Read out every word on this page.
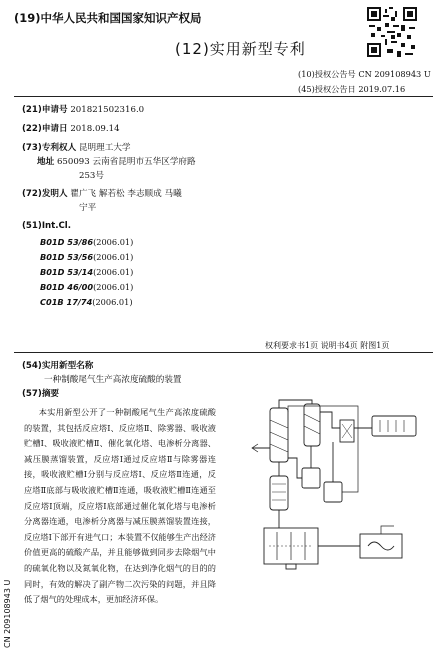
(19)中华人民共和国国家知识产权局
(12)实用新型专利
(10)授权公告号 CN 209108943 U
(45)授权公告日 2019.07.16
(21)申请号 201821502316.0
(22)申请日 2018.09.14
(73)专利权人 昆明理工大学
地址 650093 云南省昆明市五华区学府路
253号
(72)发明人 瞿广飞 解若松 李志顺成 马曦
宁平
(51)Int.Cl.
B01D 53/86(2006.01)
B01D 53/56(2006.01)
B01D 53/14(2006.01)
B01D 46/00(2006.01)
C01B 17/74(2006.01)
权利要求书1页 说明书4页 附图1页
(54)实用新型名称
一种制酸尾气生产高浓度硫酸的装置
(57)摘要
本实用新型公开了一种制酸尾气生产高浓度硫酸的装置，其包括反应塔Ⅰ、反应塔Ⅱ、除雾器、吸收液贮槽Ⅰ、吸收液贮槽Ⅱ、催化氧化塔、电渗析分离器、减压膜蒸馏装置，反应塔Ⅰ通过反应塔Ⅱ与除雾器连接，吸收液贮槽Ⅰ分别与反应塔Ⅰ、反应塔Ⅱ连通，反应塔Ⅱ底部与吸收液贮槽Ⅱ连通，吸收液贮槽Ⅱ连通至反应塔Ⅰ顶端，反应塔Ⅰ底部通过催化氧化塔与电渗析分离器连通，电渗析分离器与减压膜蒸馏装置连接，反应塔Ⅰ下部开有进气口；本装置不仅能够生产出经济价值更高的硫酸产品，并且能够做到同步去除烟气中的硫氧化物以及氮氧化物，在达到净化烟气的目的的同时，有效的解决了副产物二次污染的问题，并且降低了烟气的处理成本，更加经济环保。
CN 209108943 U
